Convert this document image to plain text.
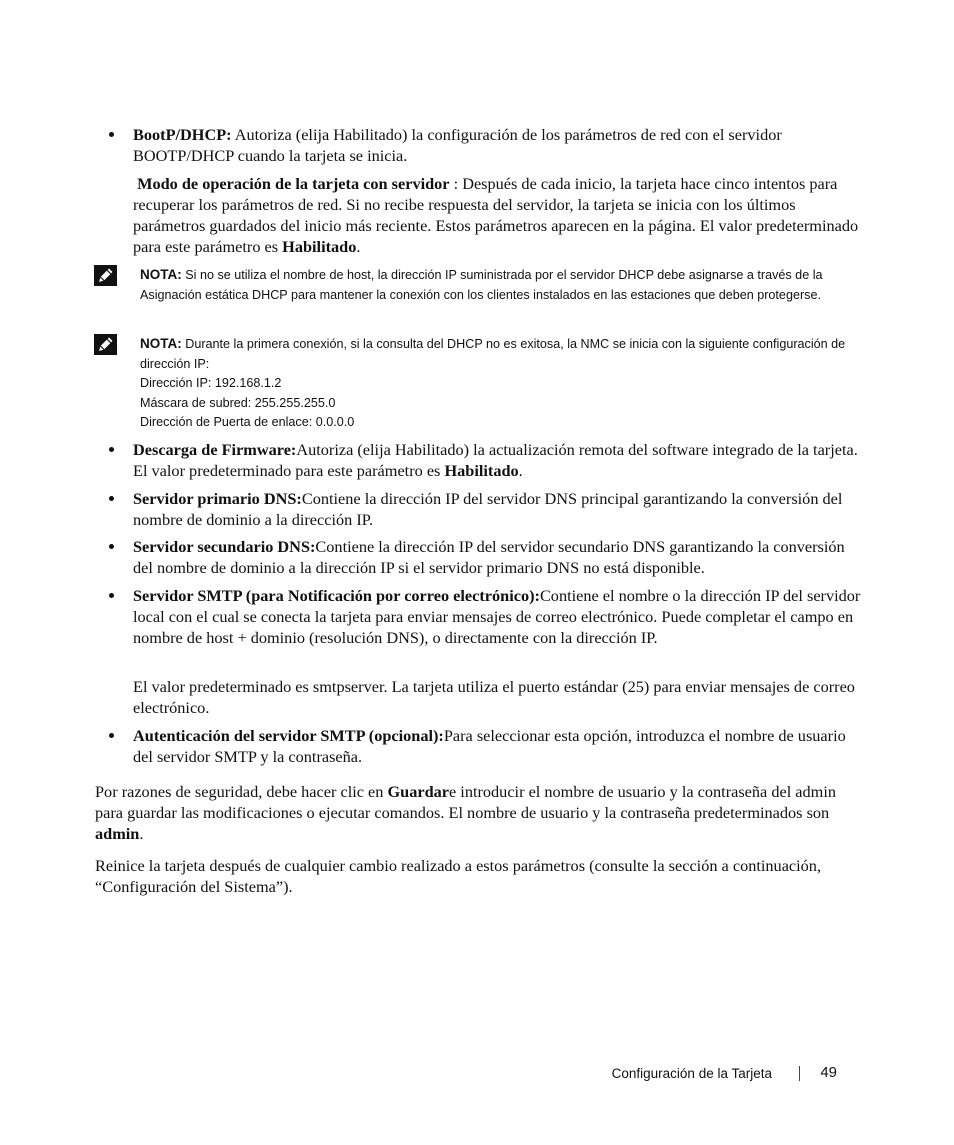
BootP/DHCP: Autoriza (elija Habilitado) la configuración de los parámetros de red con el servidor BOOTP/DHCP cuando la tarjeta se inicia.
Modo de operación de la tarjeta con servidor : Después de cada inicio, la tarjeta hace cinco intentos para recuperar los parámetros de red. Si no recibe respuesta del servidor, la tarjeta se inicia con los últimos parámetros guardados del inicio más reciente. Estos parámetros aparecen en la página. El valor predeterminado para este parámetro es Habilitado.
NOTA: Si no se utiliza el nombre de host, la dirección IP suministrada por el servidor DHCP debe asignarse a través de la Asignación estática DHCP para mantener la conexión con los clientes instalados en las estaciones que deben protegerse.
NOTA: Durante la primera conexión, si la consulta del DHCP no es exitosa, la NMC se inicia con la siguiente configuración de dirección IP:
Dirección IP: 192.168.1.2
Máscara de subred: 255.255.255.0
Dirección de Puerta de enlace: 0.0.0.0
Descarga de Firmware:Autoriza (elija Habilitado) la actualización remota del software integrado de la tarjeta. El valor predeterminado para este parámetro es Habilitado.
Servidor primario DNS:Contiene la dirección IP del servidor DNS principal garantizando la conversión del nombre de dominio a la dirección IP.
Servidor secundario DNS:Contiene la dirección IP del servidor secundario DNS garantizando la conversión del nombre de dominio a la dirección IP si el servidor primario DNS no está disponible.
Servidor SMTP (para Notificación por correo electrónico):Contiene el nombre o la dirección IP del servidor local con el cual se conecta la tarjeta para enviar mensajes de correo electrónico. Puede completar el campo en nombre de host + dominio (resolución DNS), o directamente con la dirección IP.
El valor predeterminado es smtpserver. La tarjeta utiliza el puerto estándar (25) para enviar mensajes de correo electrónico.
Autenticación del servidor SMTP (opcional):Para seleccionar esta opción, introduzca el nombre de usuario del servidor SMTP y la contraseña.
Por razones de seguridad, debe hacer clic en Guardare introducir el nombre de usuario y la contraseña del admin para guardar las modificaciones o ejecutar comandos. El nombre de usuario y la contraseña predeterminados son admin.
Reinice la tarjeta después de cualquier cambio realizado a estos parámetros (consulte la sección a continuación, “Configuración del Sistema”).
Configuración de la Tarjeta	49
